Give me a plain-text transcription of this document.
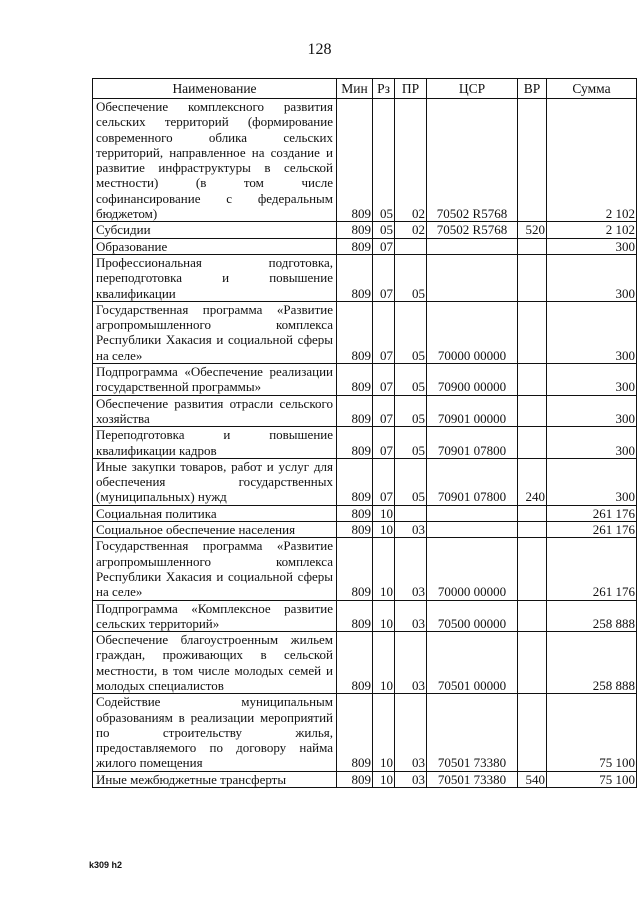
128
Наименование	Мин	Рз	ПР	ЦСР	ВР	Сумма
Обеспечение комплексного развития сельских территорий (формирование современного облика сельских территорий, направленное на создание и развитие инфраструктуры в сельской местности) (в том числе софинансирование с федеральным бюджетом)	809	05	02	70502 R5768		2 102
Субсидии	809	05	02	70502 R5768	520	2 102
Образование	809	07				300
Профессиональная подготовка, переподготовка и повышение квалификации	809	07	05			300
Государственная программа «Развитие агропромышленного комплекса Республики Хакасия и социальной сферы на селе»	809	07	05	70000 00000		300
Подпрограмма «Обеспечение реализации государственной программы»	809	07	05	70900 00000		300
Обеспечение развития отрасли сельского хозяйства	809	07	05	70901 00000		300
Переподготовка и повышение квалификации кадров	809	07	05	70901 07800		300
Иные закупки товаров, работ и услуг для обеспечения государственных (муниципальных) нужд	809	07	05	70901 07800	240	300
Социальная политика	809	10				261 176
Социальное обеспечение населения	809	10	03			261 176
Государственная программа «Развитие агропромышленного комплекса Республики Хакасия и социальной сферы на селе»	809	10	03	70000 00000		261 176
Подпрограмма «Комплексное развитие сельских территорий»	809	10	03	70500 00000		258 888
Обеспечение благоустроенным жильем граждан, проживающих в сельской местности, в том числе молодых семей и молодых специалистов	809	10	03	70501 00000		258 888
Содействие муниципальным образованиям в реализации мероприятий по строительству жилья, предоставляемого по договору найма жилого помещения	809	10	03	70501 73380		75 100
Иные межбюджетные трансферты	809	10	03	70501 73380	540	75 100
k309 h2
